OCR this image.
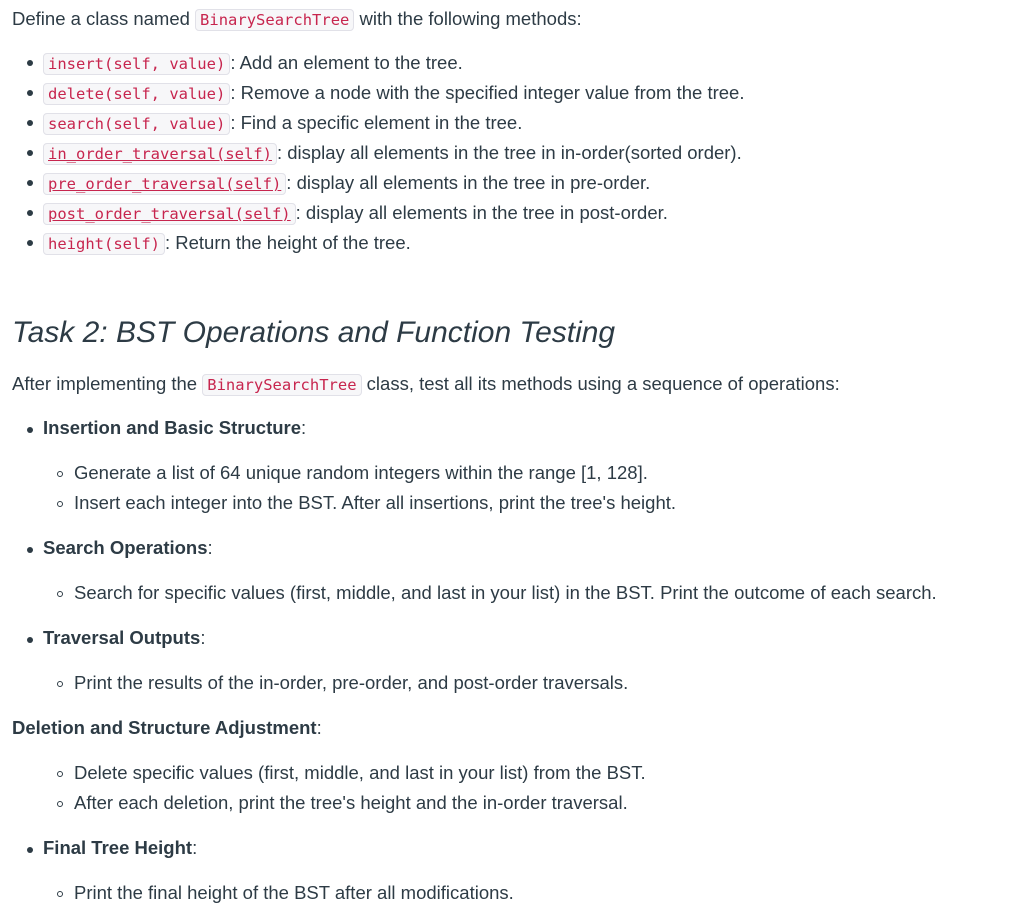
Define a class named BinarySearchTree with the following methods:
insert(self, value) : Add an element to the tree.
delete(self, value) : Remove a node with the specified integer value from the tree.
search(self, value) : Find a specific element in the tree.
in_order_traversal(self) : display all elements in the tree in in-order(sorted order).
pre_order_traversal(self) : display all elements in the tree in pre-order.
post_order_traversal(self) : display all elements in the tree in post-order.
height(self) : Return the height of the tree.
Task 2: BST Operations and Function Testing
After implementing the BinarySearchTree class, test all its methods using a sequence of operations:
Insertion and Basic Structure:
Generate a list of 64 unique random integers within the range [1, 128].
Insert each integer into the BST. After all insertions, print the tree's height.
Search Operations:
Search for specific values (first, middle, and last in your list) in the BST. Print the outcome of each search.
Traversal Outputs:
Print the results of the in-order, pre-order, and post-order traversals.
Deletion and Structure Adjustment:
Delete specific values (first, middle, and last in your list) from the BST.
After each deletion, print the tree's height and the in-order traversal.
Final Tree Height:
Print the final height of the BST after all modifications.
